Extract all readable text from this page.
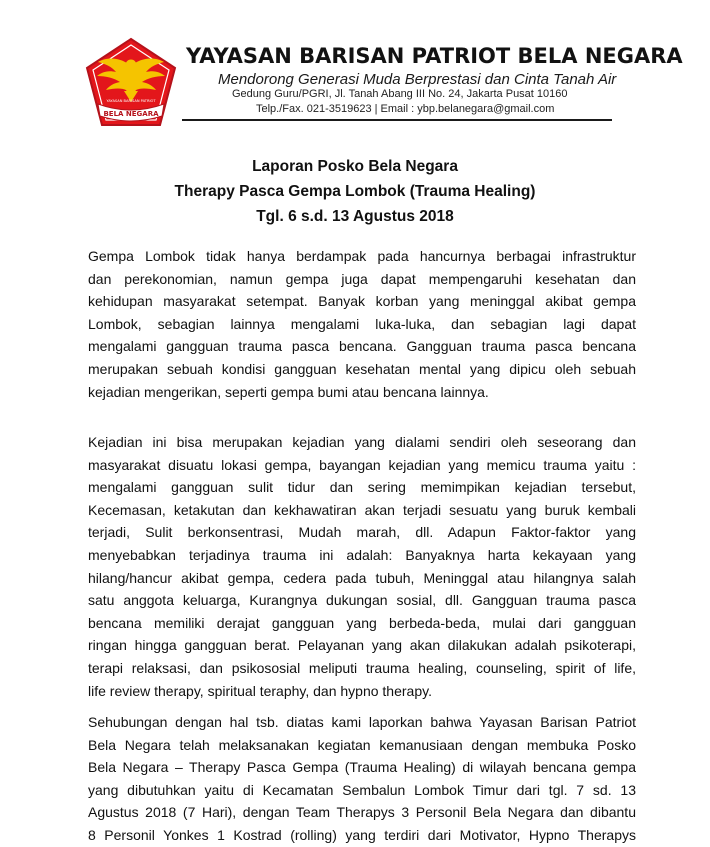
YAYASAN BARISAN PATRIOT
BELA NEGARA
YAYASAN BARISAN PATRIOT BELA NEGARA
Mendorong Generasi Muda Berprestasi dan Cinta Tanah Air
Gedung Guru/PGRI, Jl. Tanah Abang III No. 24, Jakarta Pusat 10160
Telp./Fax. 021-3519623 | Email : ybp.belanegara@gmail.com
Laporan Posko Bela Negara
Therapy Pasca Gempa Lombok (Trauma Healing)
Tgl. 6 s.d. 13 Agustus 2018
Gempa Lombok tidak hanya berdampak pada hancurnya berbagai infrastruktur
dan perekonomian, namun gempa juga dapat mempengaruhi kesehatan dan
kehidupan masyarakat setempat. Banyak korban yang meninggal akibat gempa
Lombok, sebagian lainnya mengalami luka-luka, dan sebagian lagi dapat
mengalami gangguan trauma pasca bencana. Gangguan trauma pasca bencana
merupakan sebuah kondisi gangguan kesehatan mental yang dipicu oleh sebuah
kejadian mengerikan, seperti gempa bumi atau bencana lainnya.
Kejadian ini bisa merupakan kejadian yang dialami sendiri oleh seseorang dan
masyarakat disuatu lokasi gempa, bayangan kejadian yang memicu trauma yaitu :
mengalami gangguan sulit tidur dan sering memimpikan kejadian tersebut,
Kecemasan, ketakutan dan kekhawatiran akan terjadi sesuatu yang buruk kembali
terjadi, Sulit berkonsentrasi, Mudah marah, dll. Adapun Faktor-faktor yang
menyebabkan terjadinya trauma ini adalah: Banyaknya harta kekayaan yang
hilang/hancur akibat gempa, cedera pada tubuh, Meninggal atau hilangnya salah
satu anggota keluarga, Kurangnya dukungan sosial, dll. Gangguan trauma pasca
bencana memiliki derajat gangguan yang berbeda-beda, mulai dari gangguan
ringan hingga gangguan berat. Pelayanan yang akan dilakukan adalah psikoterapi,
terapi relaksasi, dan psikososial meliputi trauma healing, counseling, spirit of life,
life review therapy, spiritual teraphy, dan hypno therapy.
Sehubungan dengan hal tsb. diatas kami laporkan bahwa Yayasan Barisan Patriot
Bela Negara telah melaksanakan kegiatan kemanusiaan dengan membuka Posko
Bela Negara – Therapy Pasca Gempa (Trauma Healing) di wilayah bencana gempa
yang dibutuhkan yaitu di Kecamatan Sembalun Lombok Timur dari tgl. 7 sd. 13
Agustus 2018 (7 Hari), dengan Team Therapys 3 Personil Bela Negara dan dibantu
8 Personil Yonkes 1 Kostrad (rolling) yang terdiri dari Motivator, Hypno Therapys
